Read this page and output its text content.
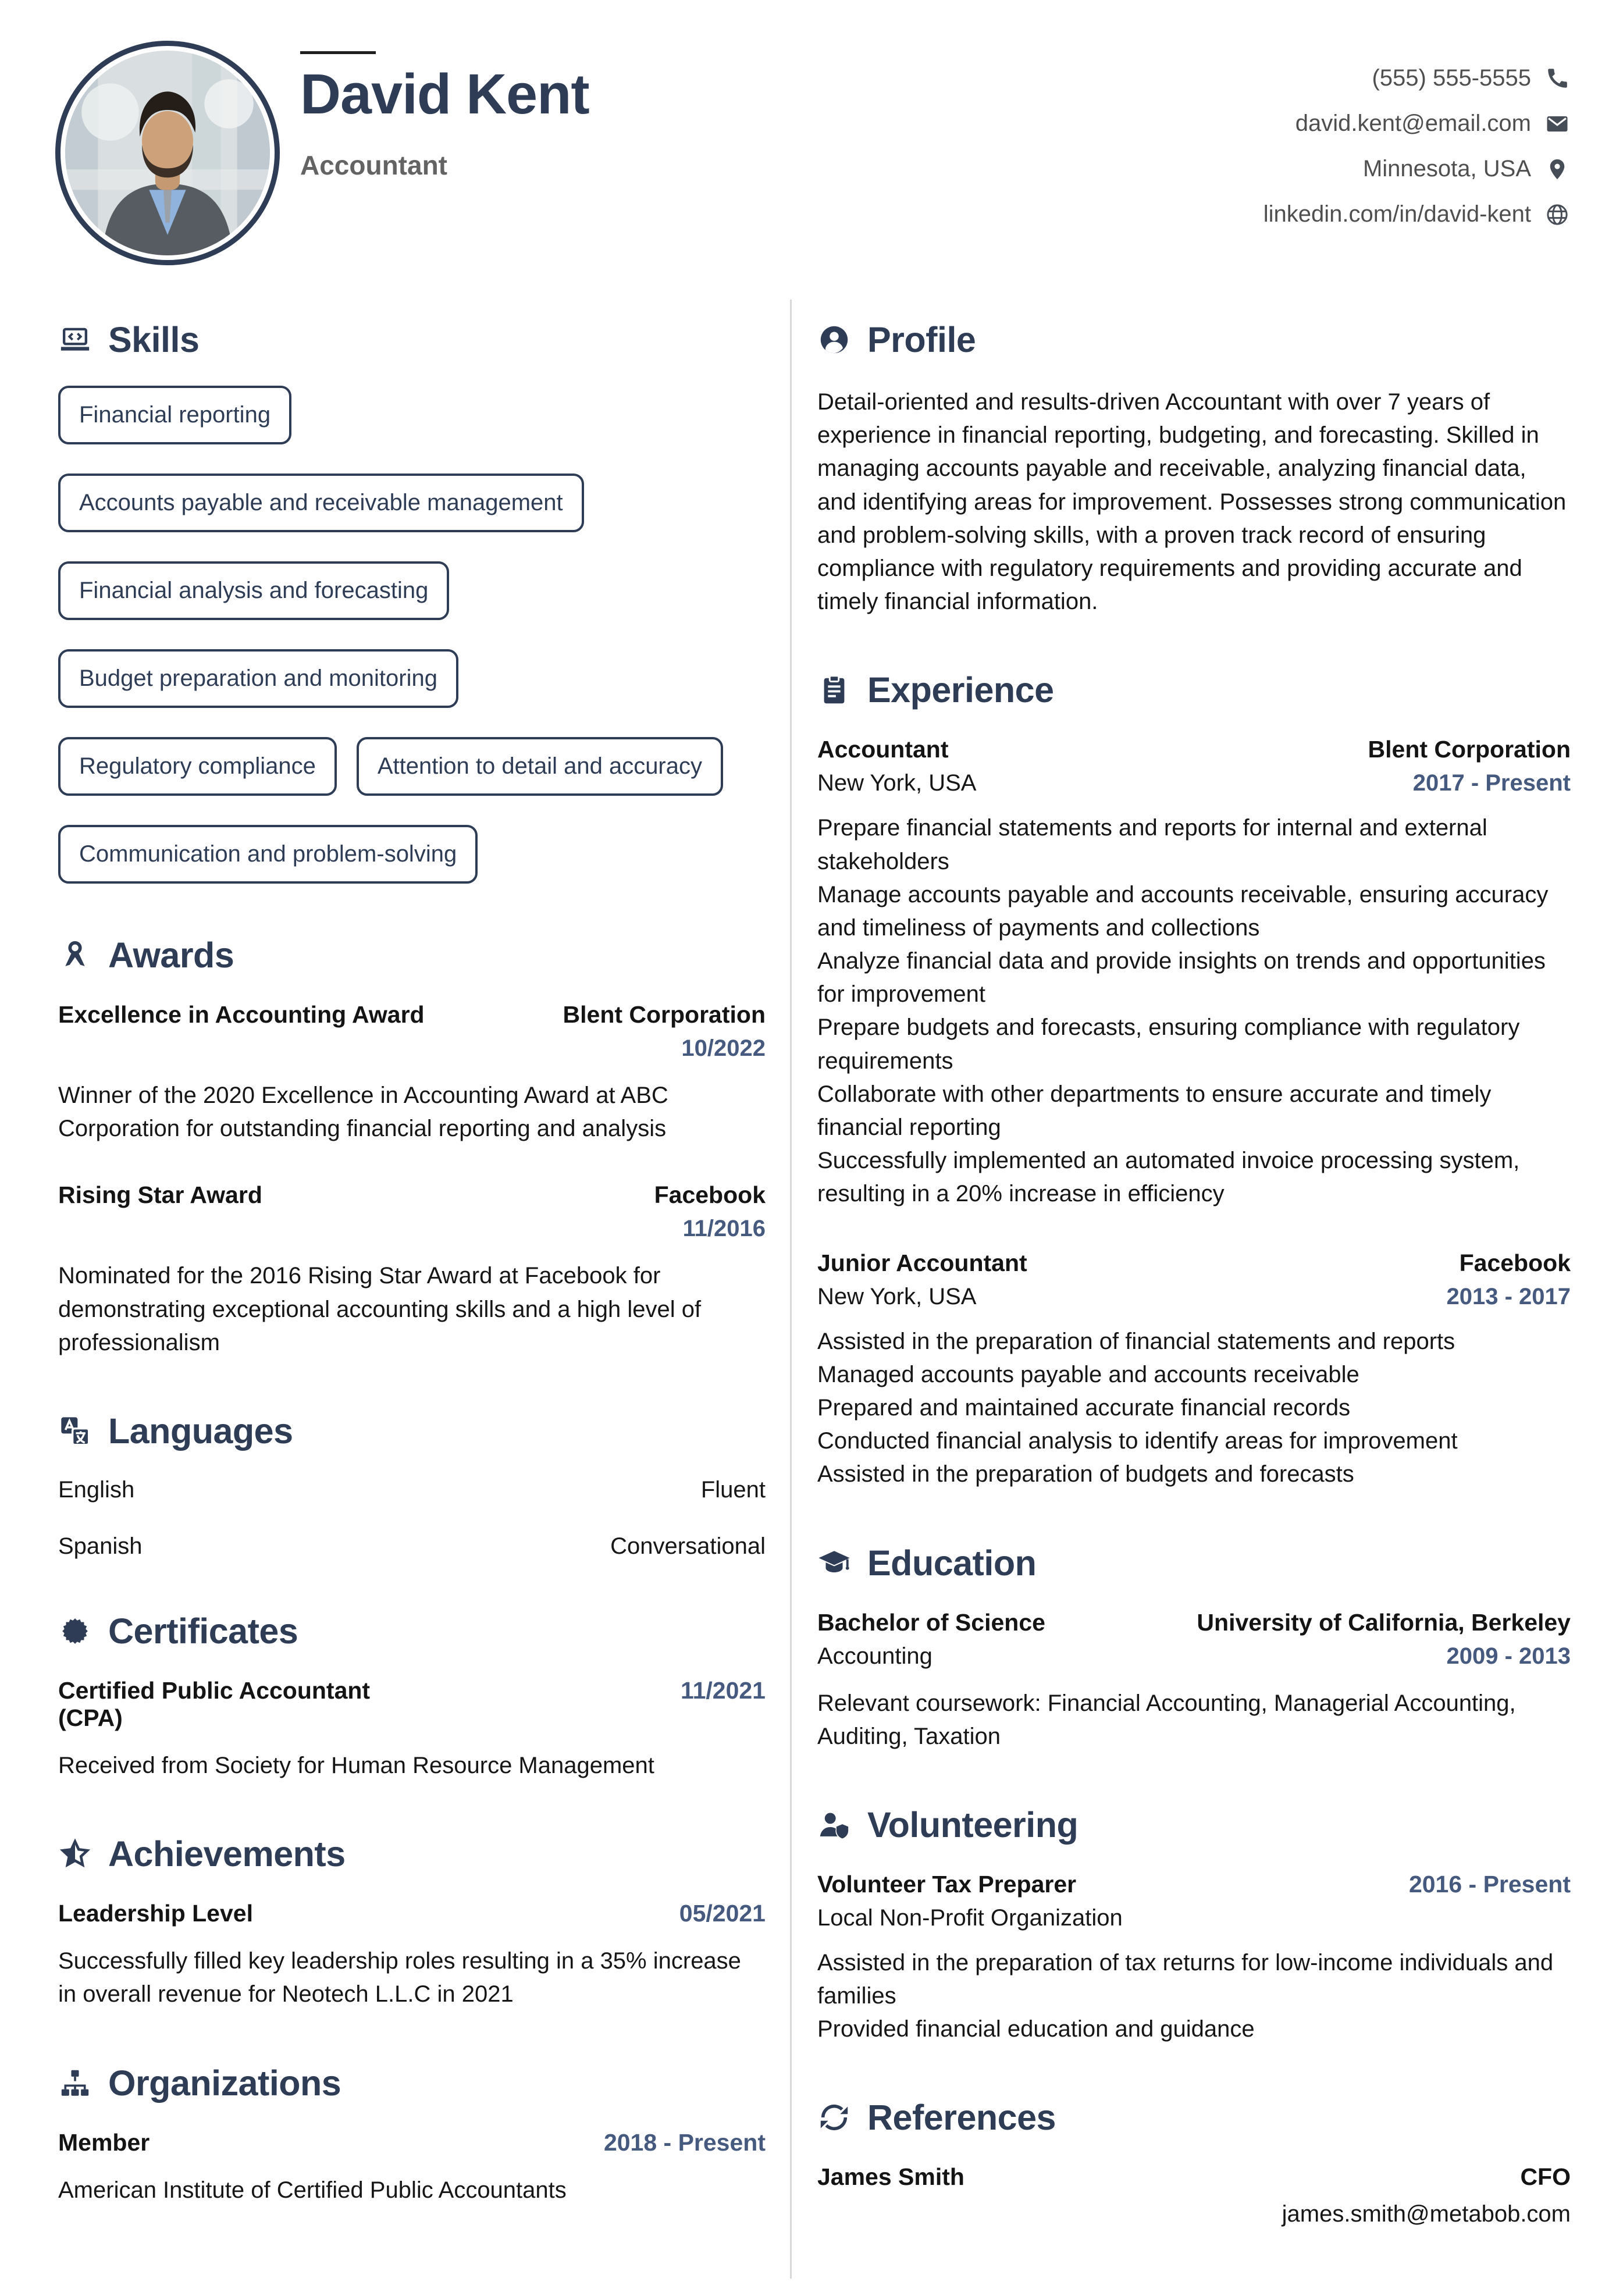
David Kent
Accountant
(555) 555-5555
david.kent@email.com
Minnesota, USA
linkedin.com/in/david-kent
Skills
Financial reporting
Accounts payable and receivable management
Financial analysis and forecasting
Budget preparation and monitoring
Regulatory compliance	Attention to detail and accuracy
Communication and problem-solving
Awards
Excellence in Accounting Award	Blent Corporation
10/2022
Winner of the 2020 Excellence in Accounting Award at ABC Corporation for outstanding financial reporting and analysis
Rising Star Award	Facebook
11/2016
Nominated for the 2016 Rising Star Award at Facebook for demonstrating exceptional accounting skills and a high level of professionalism
Languages
English	Fluent
Spanish	Conversational
Certificates
Certified Public Accountant (CPA)
11/2021
Received from Society for Human Resource Management
Achievements
Leadership Level	05/2021
Successfully filled key leadership roles resulting in a 35% increase in overall revenue for Neotech L.L.C in 2021
Organizations
Member	2018 - Present
American Institute of Certified Public Accountants
Profile
Detail-oriented and results-driven Accountant with over 7 years of experience in financial reporting, budgeting, and forecasting. Skilled in managing accounts payable and receivable, analyzing financial data, and identifying areas for improvement. Possesses strong communication and problem-solving skills, with a proven track record of ensuring compliance with regulatory requirements and providing accurate and timely financial information.
Experience
Accountant	Blent Corporation
New York, USA	2017 - Present

Prepare financial statements and reports for internal and external stakeholders

Manage accounts payable and accounts receivable, ensuring accuracy and timeliness of payments and collections

Analyze financial data and provide insights on trends and opportunities for improvement

Prepare budgets and forecasts, ensuring compliance with regulatory requirements

Collaborate with other departments to ensure accurate and timely financial reporting

Successfully implemented an automated invoice processing system, resulting in a 20% increase in efficiency

Junior Accountant	Facebook
New York, USA	2013 - 2017

Assisted in the preparation of financial statements and reports

Managed accounts payable and accounts receivable

Prepared and maintained accurate financial records

Conducted financial analysis to identify areas for improvement

Assisted in the preparation of budgets and forecasts

Education
Bachelor of Science	University of California, Berkeley
Accounting	2009 - 2013
Relevant coursework: Financial Accounting, Managerial Accounting, Auditing, Taxation
Volunteering
Volunteer Tax Preparer	2016 - Present
Local Non-Profit Organization

Assisted in the preparation of tax returns for low-income individuals and families

Provided financial education and guidance

References
James Smith	CFO
james.smith@metabob.com
